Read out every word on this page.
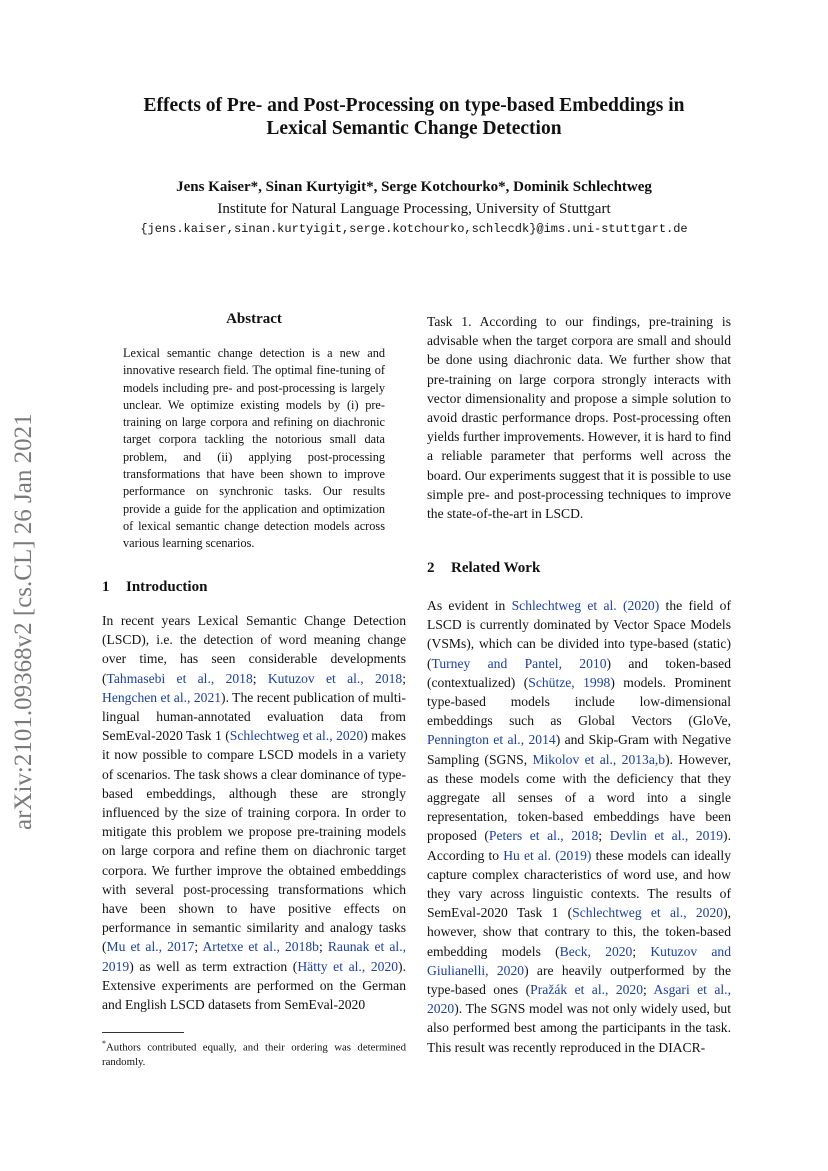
arXiv:2101.09368v2 [cs.CL] 26 Jan 2021
Effects of Pre- and Post-Processing on type-based Embeddings in
Lexical Semantic Change Detection
Jens Kaiser*, Sinan Kurtyigit*, Serge Kotchourko*, Dominik Schlechtweg
Institute for Natural Language Processing, University of Stuttgart
{jens.kaiser,sinan.kurtyigit,serge.kotchourko,schlecdk}@ims.uni-stuttgart.de
Abstract
Lexical semantic change detection is a new and innovative research field. The optimal fine-tuning of models including pre- and post-processing is largely unclear. We optimize existing models by (i) pre-training on large corpora and refining on diachronic target corpora tackling the notorious small data problem, and (ii) applying post-processing transformations that have been shown to improve performance on synchronic tasks. Our results provide a guide for the application and optimization of lexical semantic change detection models across various learning scenarios.
1 Introduction
In recent years Lexical Semantic Change Detection (LSCD), i.e. the detection of word meaning change over time, has seen considerable developments (Tahmasebi et al., 2018; Kutuzov et al., 2018; Hengchen et al., 2021). The recent publication of multi-lingual human-annotated evaluation data from SemEval-2020 Task 1 (Schlechtweg et al., 2020) makes it now possible to compare LSCD models in a variety of scenarios. The task shows a clear dominance of type-based embeddings, although these are strongly influenced by the size of training corpora. In order to mitigate this problem we propose pre-training models on large corpora and refine them on diachronic target corpora. We further improve the obtained embeddings with several post-processing transformations which have been shown to have positive effects on performance in semantic similarity and analogy tasks (Mu et al., 2017; Artetxe et al., 2018b; Raunak et al., 2019) as well as term extraction (Hätty et al., 2020). Extensive experiments are performed on the German and English LSCD datasets from SemEval-2020
*Authors contributed equally, and their ordering was determined randomly.
Task 1. According to our findings, pre-training is advisable when the target corpora are small and should be done using diachronic data. We further show that pre-training on large corpora strongly interacts with vector dimensionality and propose a simple solution to avoid drastic performance drops. Post-processing often yields further improvements. However, it is hard to find a reliable parameter that performs well across the board. Our experiments suggest that it is possible to use simple pre- and post-processing techniques to improve the state-of-the-art in LSCD.
2 Related Work
As evident in Schlechtweg et al. (2020) the field of LSCD is currently dominated by Vector Space Models (VSMs), which can be divided into type-based (static) (Turney and Pantel, 2010) and token-based (contextualized) (Schütze, 1998) models. Prominent type-based models include low-dimensional embeddings such as Global Vectors (GloVe, Pennington et al., 2014) and Skip-Gram with Negative Sampling (SGNS, Mikolov et al., 2013a,b). However, as these models come with the deficiency that they aggregate all senses of a word into a single representation, token-based embeddings have been proposed (Peters et al., 2018; Devlin et al., 2019). According to Hu et al. (2019) these models can ideally capture complex characteristics of word use, and how they vary across linguistic contexts. The results of SemEval-2020 Task 1 (Schlechtweg et al., 2020), however, show that contrary to this, the token-based embedding models (Beck, 2020; Kutuzov and Giulianelli, 2020) are heavily outperformed by the type-based ones (Pražák et al., 2020; Asgari et al., 2020). The SGNS model was not only widely used, but also performed best among the participants in the task. This result was recently reproduced in the DIACR-
